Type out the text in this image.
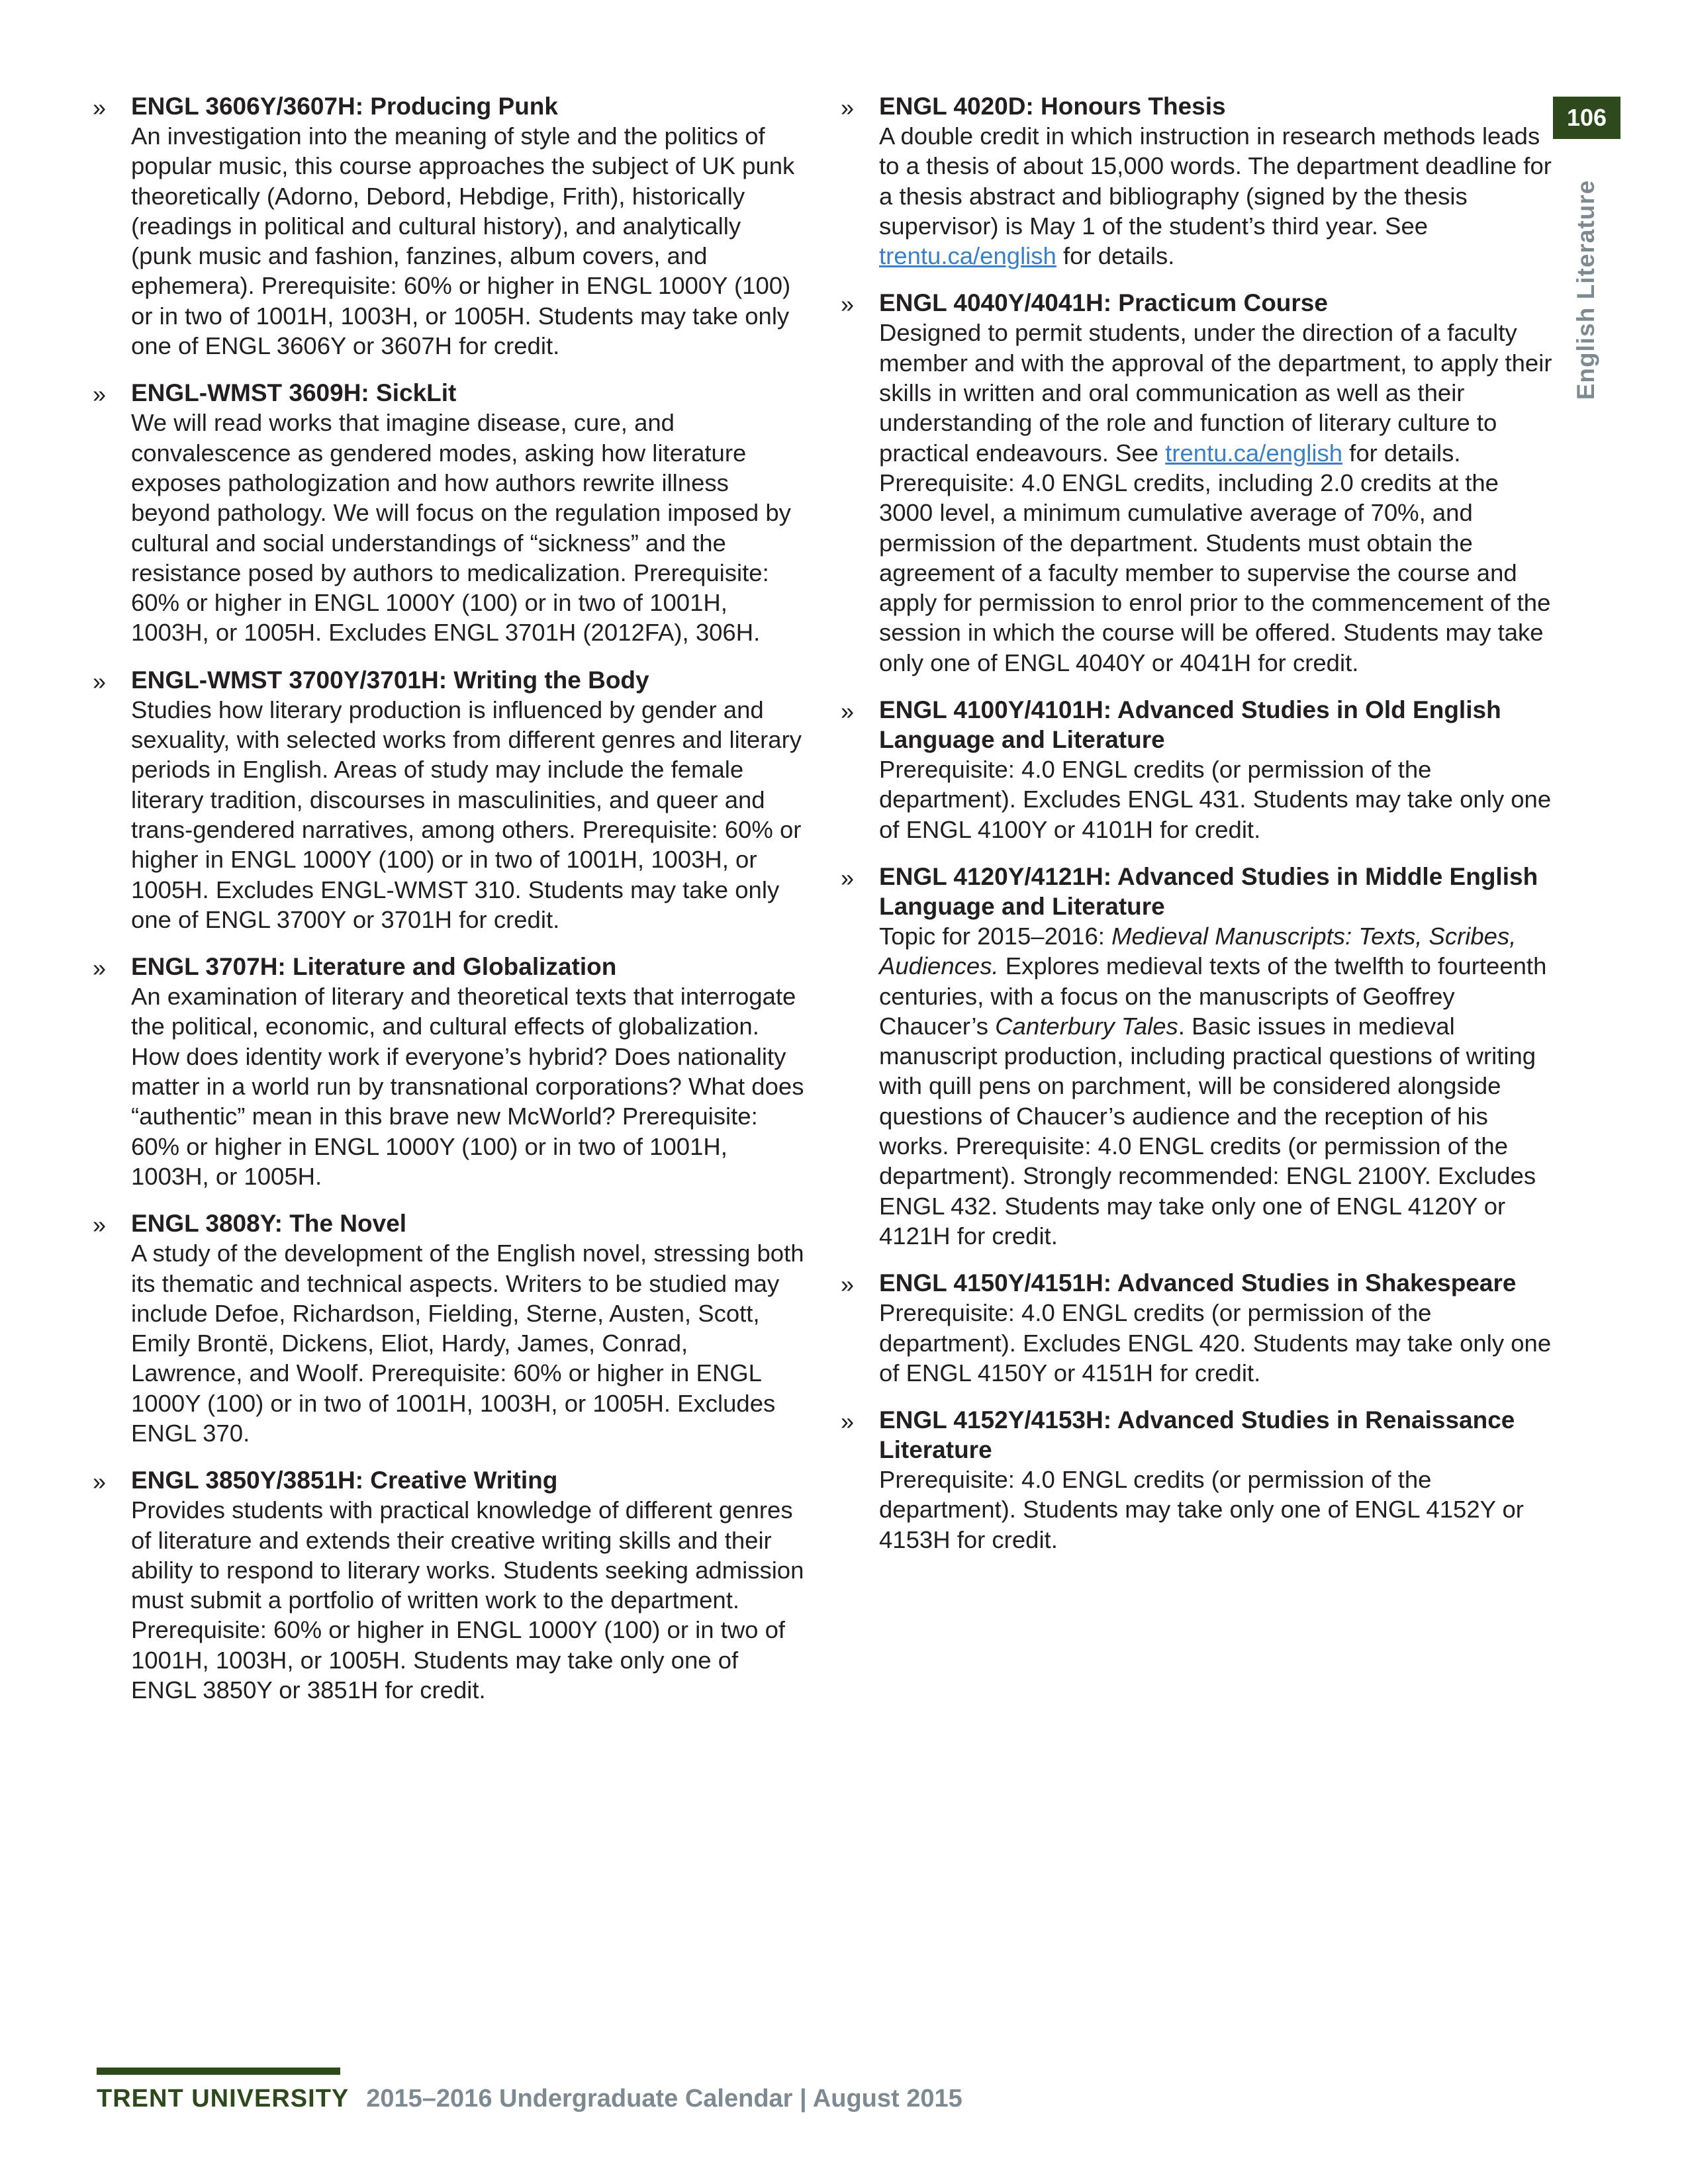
» ENGL 3606Y/3607H: Producing Punk
An investigation into the meaning of style and the politics of popular music, this course approaches the subject of UK punk theoretically (Adorno, Debord, Hebdige, Frith), historically (readings in political and cultural history), and analytically (punk music and fashion, fanzines, album covers, and ephemera). Prerequisite: 60% or higher in ENGL 1000Y (100) or in two of 1001H, 1003H, or 1005H. Students may take only one of ENGL 3606Y or 3607H for credit.
» ENGL-WMST 3609H: SickLit
We will read works that imagine disease, cure, and convalescence as gendered modes, asking how literature exposes pathologization and how authors rewrite illness beyond pathology. We will focus on the regulation imposed by cultural and social understandings of “sickness” and the resistance posed by authors to medicalization. Prerequisite: 60% or higher in ENGL 1000Y (100) or in two of 1001H, 1003H, or 1005H. Excludes ENGL 3701H (2012FA), 306H.
» ENGL-WMST 3700Y/3701H: Writing the Body
Studies how literary production is influenced by gender and sexuality, with selected works from different genres and literary periods in English. Areas of study may include the female literary tradition, discourses in masculinities, and queer and trans-gendered narratives, among others. Prerequisite: 60% or higher in ENGL 1000Y (100) or in two of 1001H, 1003H, or 1005H. Excludes ENGL-WMST 310. Students may take only one of ENGL 3700Y or 3701H for credit.
» ENGL 3707H: Literature and Globalization
An examination of literary and theoretical texts that interrogate the political, economic, and cultural effects of globalization. How does identity work if everyone’s hybrid? Does nationality matter in a world run by transnational corporations? What does “authentic” mean in this brave new McWorld? Prerequisite: 60% or higher in ENGL 1000Y (100) or in two of 1001H, 1003H, or 1005H.
» ENGL 3808Y: The Novel
A study of the development of the English novel, stressing both its thematic and technical aspects. Writers to be studied may include Defoe, Richardson, Fielding, Sterne, Austen, Scott, Emily Brontë, Dickens, Eliot, Hardy, James, Conrad, Lawrence, and Woolf. Prerequisite: 60% or higher in ENGL 1000Y (100) or in two of 1001H, 1003H, or 1005H. Excludes ENGL 370.
» ENGL 3850Y/3851H: Creative Writing
Provides students with practical knowledge of different genres of literature and extends their creative writing skills and their ability to respond to literary works. Students seeking admission must submit a portfolio of written work to the department. Prerequisite: 60% or higher in ENGL 1000Y (100) or in two of 1001H, 1003H, or 1005H. Students may take only one of ENGL 3850Y or 3851H for credit.
» ENGL 4020D: Honours Thesis
A double credit in which instruction in research methods leads to a thesis of about 15,000 words. The department deadline for a thesis abstract and bibliography (signed by the thesis supervisor) is May 1 of the student’s third year. See trentu.ca/english for details.
» ENGL 4040Y/4041H: Practicum Course
Designed to permit students, under the direction of a faculty member and with the approval of the department, to apply their skills in written and oral communication as well as their understanding of the role and function of literary culture to practical endeavours. See trentu.ca/english for details. Prerequisite: 4.0 ENGL credits, including 2.0 credits at the 3000 level, a minimum cumulative average of 70%, and permission of the department. Students must obtain the agreement of a faculty member to supervise the course and apply for permission to enrol prior to the commencement of the session in which the course will be offered. Students may take only one of ENGL 4040Y or 4041H for credit.
» ENGL 4100Y/4101H: Advanced Studies in Old English Language and Literature
Prerequisite: 4.0 ENGL credits (or permission of the department). Excludes ENGL 431. Students may take only one of ENGL 4100Y or 4101H for credit.
» ENGL 4120Y/4121H: Advanced Studies in Middle English Language and Literature
Topic for 2015–2016: Medieval Manuscripts: Texts, Scribes, Audiences. Explores medieval texts of the twelfth to fourteenth centuries, with a focus on the manuscripts of Geoffrey Chaucer’s Canterbury Tales. Basic issues in medieval manuscript production, including practical questions of writing with quill pens on parchment, will be considered alongside questions of Chaucer’s audience and the reception of his works. Prerequisite: 4.0 ENGL credits (or permission of the department). Strongly recommended: ENGL 2100Y. Excludes ENGL 432. Students may take only one of ENGL 4120Y or 4121H for credit.
» ENGL 4150Y/4151H: Advanced Studies in Shakespeare
Prerequisite: 4.0 ENGL credits (or permission of the department). Excludes ENGL 420. Students may take only one of ENGL 4150Y or 4151H for credit.
» ENGL 4152Y/4153H: Advanced Studies in Renaissance Literature
Prerequisite: 4.0 ENGL credits (or permission of the department). Students may take only one of ENGL 4152Y or 4153H for credit.
106
English Literature
TRENT UNIVERSITY 2015–2016 Undergraduate Calendar | August 2015
